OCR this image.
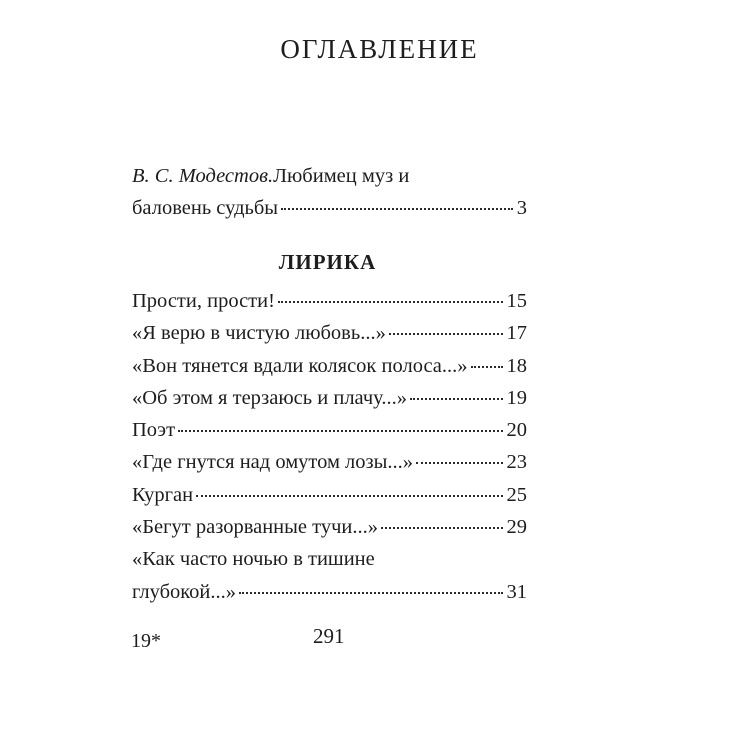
ОГЛАВЛЕНИЕ
В. С. Модестов. Любимец муз и
баловень судьбы	3
ЛИРИКА
Прости, прости!	15
«Я верю в чистую любовь...»	17
«Вон тянется вдали колясок полоса...» 18
«Об этом я терзаюсь и плачу...»	19
Поэт	20
«Где гнутся над омутом лозы...»	23
Курган	25
«Бегут разорванные тучи...»	29
«Как часто ночью в тишине
глубокой...»	31
19*	291
